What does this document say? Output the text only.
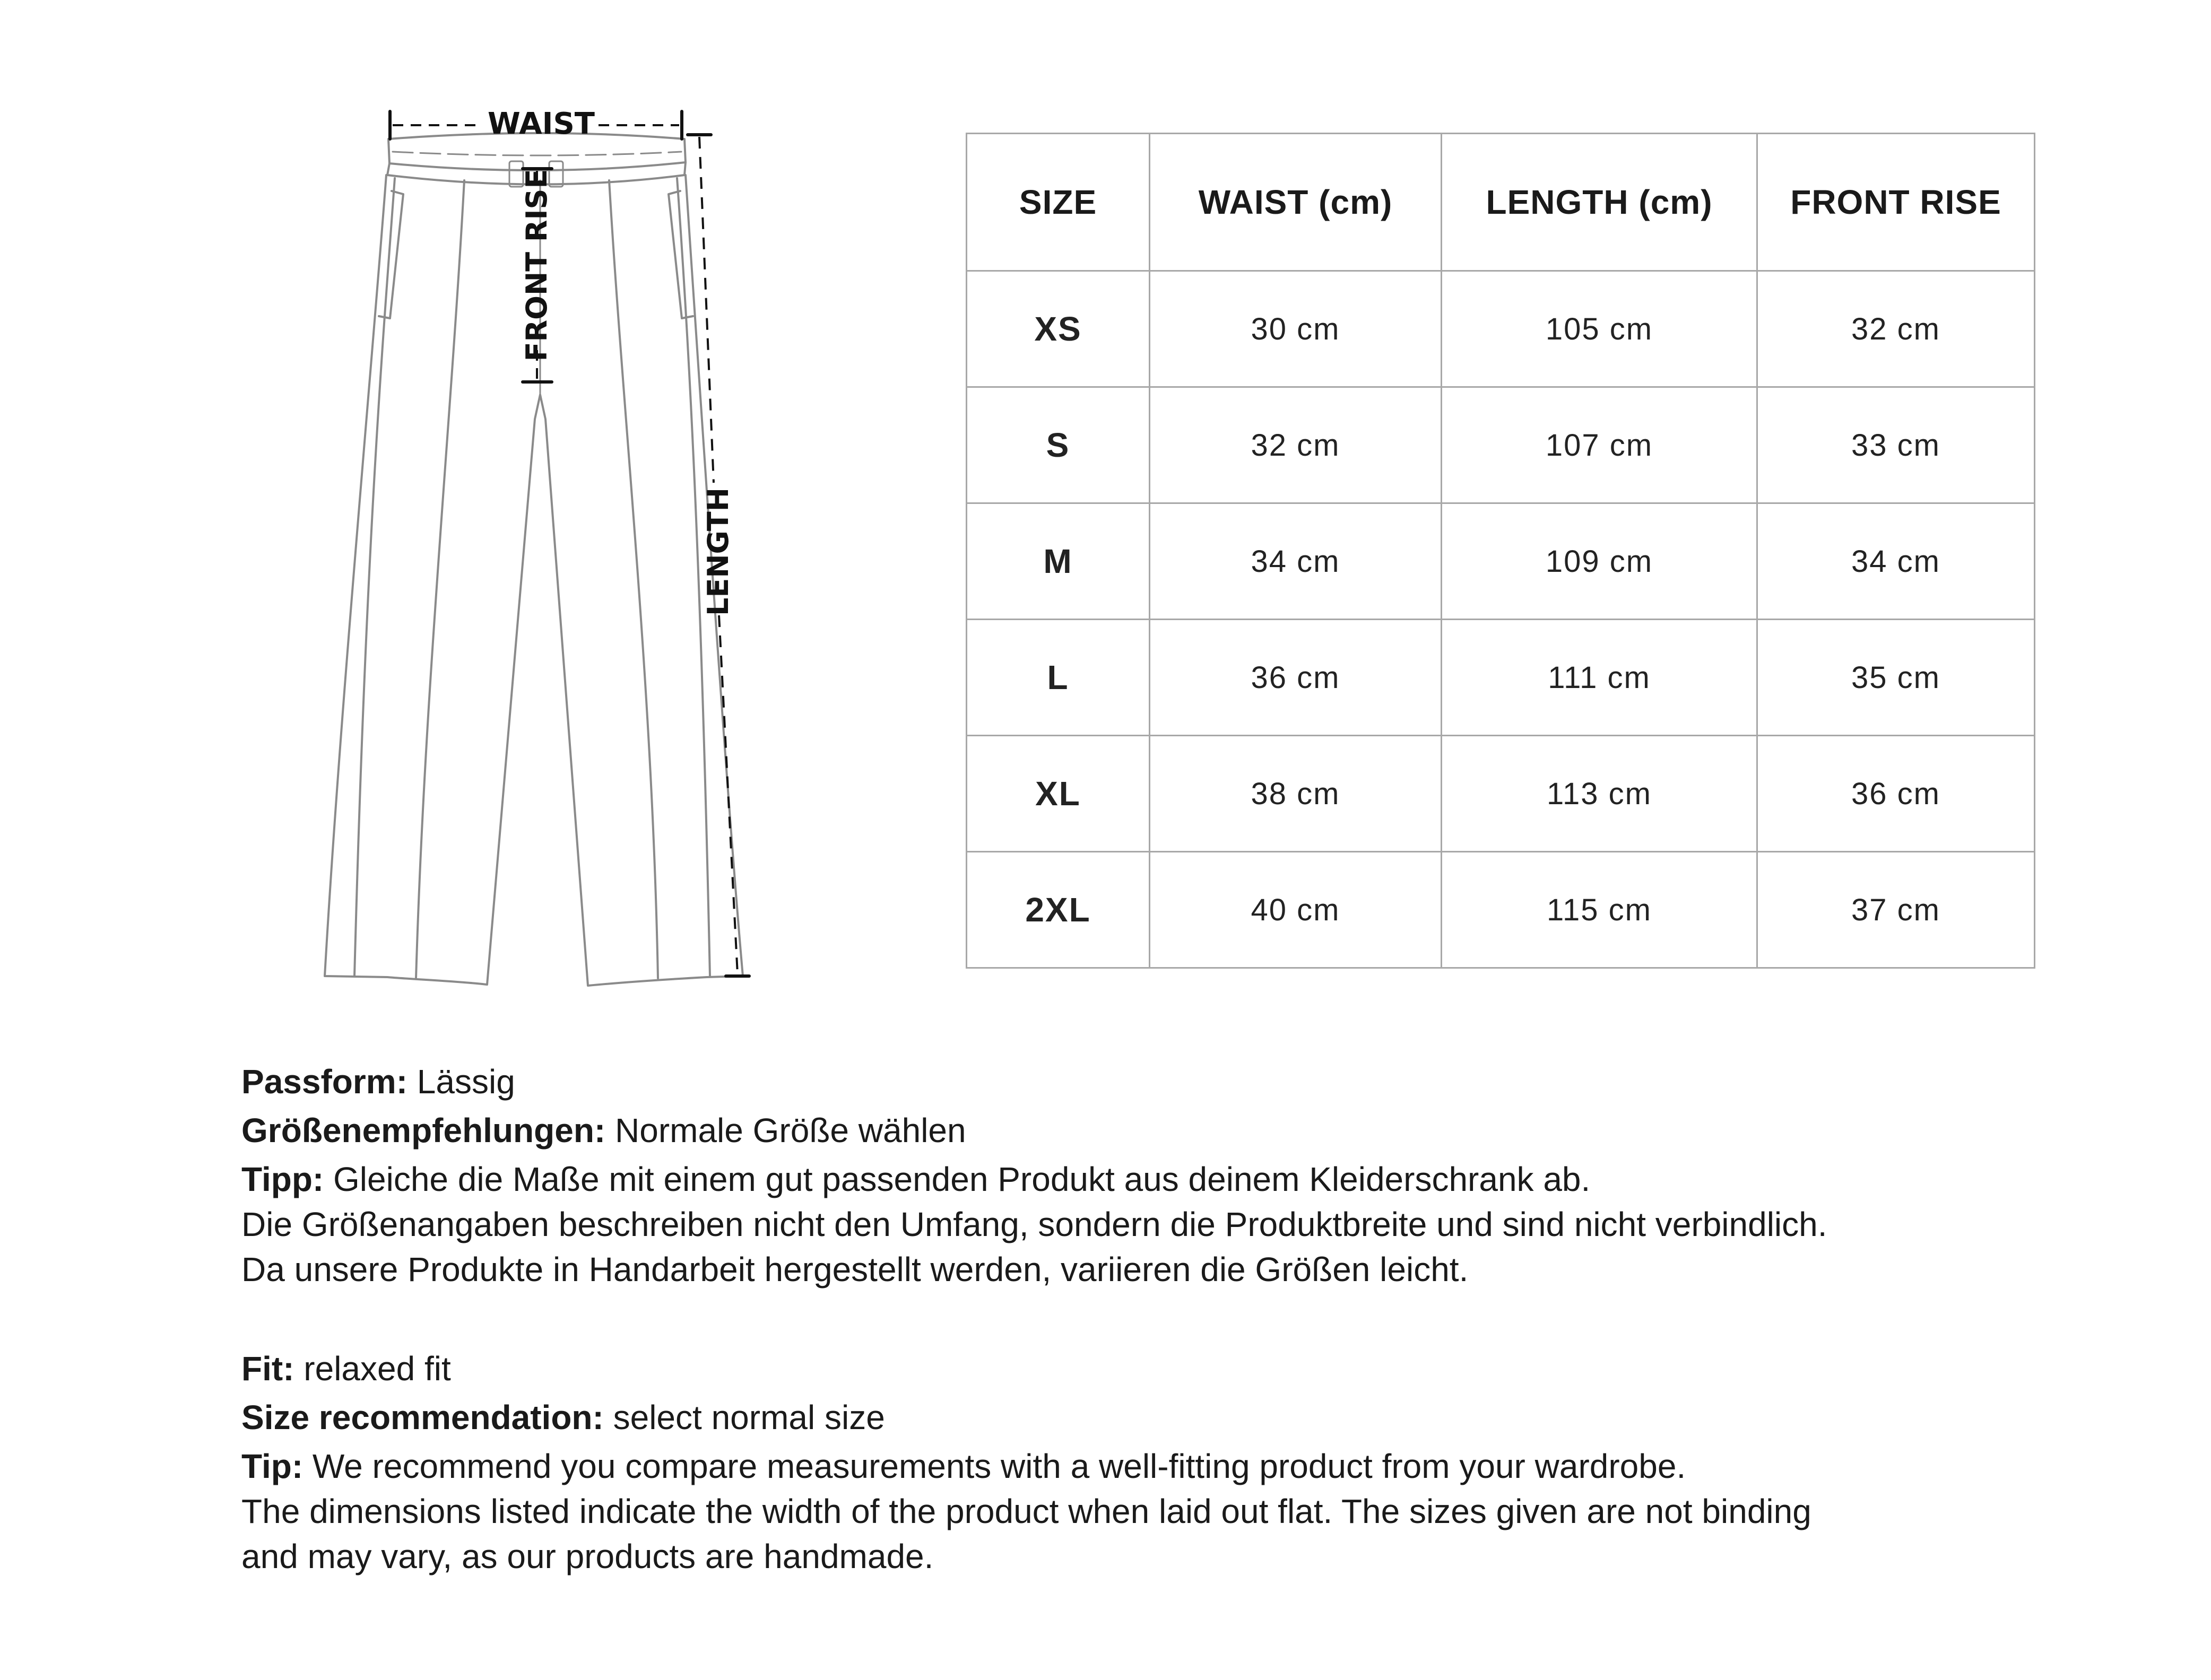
WAIST
FRONT RISE
LENGTH
SIZE	WAIST (cm)	LENGTH (cm)	FRONT RISE
XS	30 cm	105 cm	32 cm
S	32 cm	107 cm	33 cm
M	34 cm	109 cm	34 cm
L	36 cm	111 cm	35 cm
XL	38 cm	113 cm	36 cm
2XL	40 cm	115 cm	37 cm

Passform: Lässig

Größenempfehlungen: Normale Größe wählen

Tipp: Gleiche die Maße mit einem gut passenden Produkt aus deinem Kleiderschrank ab.

Die Größenangaben beschreiben nicht den Umfang, sondern die Produktbreite und sind nicht verbindlich.

Da unsere Produkte in Handarbeit hergestellt werden, variieren die Größen leicht.

Fit: relaxed fit

Size recommendation: select normal size

Tip: We recommend you compare measurements with a well-fitting product from your wardrobe.

The dimensions listed indicate the width of the product when laid out flat. The sizes given are not binding

and may vary, as our products are handmade.
